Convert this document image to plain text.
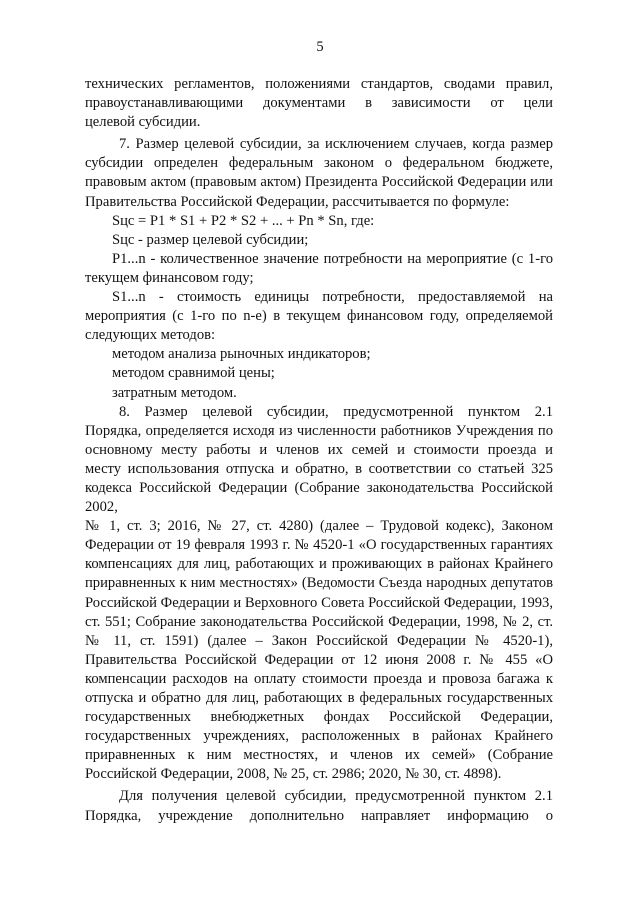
5
технических регламентов, положениями стандартов, сводами правил,
правоустанавливающими документами в зависимости от цели
целевой субсидии.
7. Размер целевой субсидии, за исключением случаев, когда размер
субсидии определен федеральным законом о федеральном бюджете,
правовым актом (правовым актом) Президента Российской Федерации или
Правительства Российской Федерации, рассчитывается по формуле:
Sцс = P1 * S1 + P2 * S2 + ... + Pn * Sn, где:
Sцс - размер целевой субсидии;
P1...n - количественное значение потребности на мероприятие (с 1-го
текущем финансовом году;
S1...n - стоимость единицы потребности, предоставляемой на
мероприятия (с 1-го по n-е) в текущем финансовом году, определяемой
следующих методов:
методом анализа рыночных индикаторов;
методом сравнимой цены;
затратным методом.
8. Размер целевой субсидии, предусмотренной пунктом 2.1
Порядка, определяется исходя из численности работников Учреждения по
основному месту работы и членов их семей и стоимости проезда и
месту использования отпуска и обратно, в соответствии со статьей 325
кодекса Российской Федерации (Собрание законодательства Российской
2002,
№ 1, ст. 3; 2016, № 27, ст. 4280) (далее – Трудовой кодекс), Законом
Федерации от 19 февраля 1993 г. № 4520-1 «О государственных гарантиях
компенсациях для лиц, работающих и проживающих в районах Крайнего
приравненных к ним местностях» (Ведомости Съезда народных депутатов
Российской Федерации и Верховного Совета Российской Федерации, 1993,
ст. 551; Собрание законодательства Российской Федерации, 1998, № 2, ст.
№ 11, ст. 1591) (далее – Закон Российской Федерации № 4520-1),
Правительства Российской Федерации от 12 июня 2008 г. № 455 «О
компенсации расходов на оплату стоимости проезда и провоза багажа к
отпуска и обратно для лиц, работающих в федеральных государственных
государственных внебюджетных фондах Российской Федерации,
государственных учреждениях, расположенных в районах Крайнего
приравненных к ним местностях, и членов их семей» (Собрание
Российской Федерации, 2008, № 25, ст. 2986; 2020, № 30, ст. 4898).
Для получения целевой субсидии, предусмотренной пунктом 2.1
Порядка, учреждение дополнительно направляет информацию о
